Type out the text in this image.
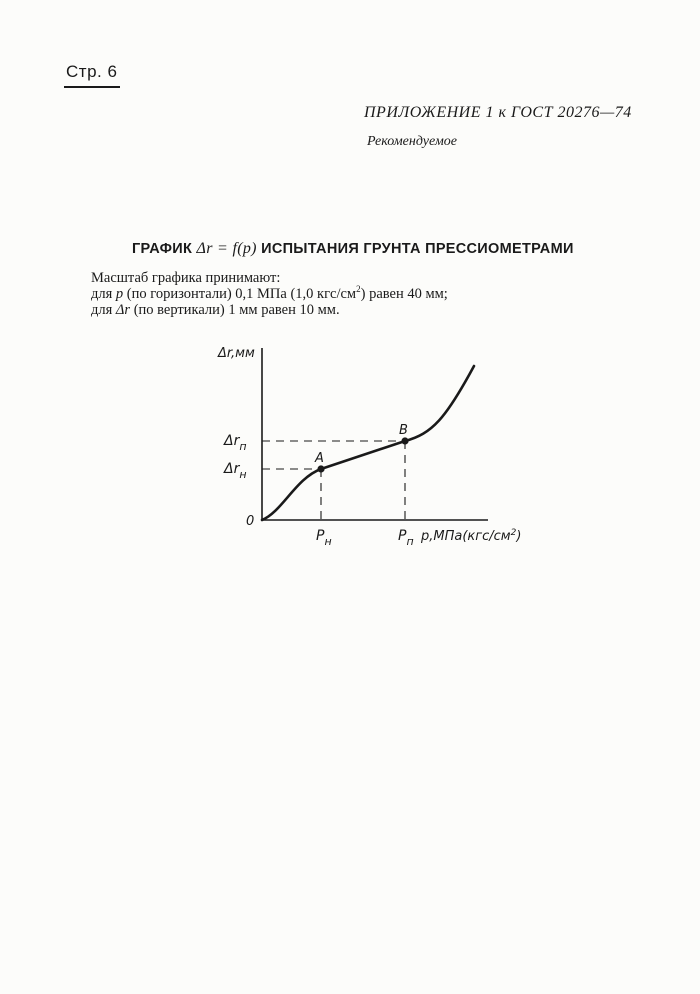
Стр. 6
ПРИЛОЖЕНИЕ 1 к ГОСТ 20276—74
Рекомендуемое
ГРАФИК Δr = f(p) ИСПЫТАНИЯ ГРУНТА ПРЕССИОМЕТРАМИ
Масштаб графика принимают:
для p (по горизонтали) 0,1 МПа (1,0 кгс/$см^2$) равен 40 мм;
для Δr (по вертикали) 1 мм равен 10 мм.
A
B
Δr,мм
$\Delta r_п$
$\Delta r_н$
0
$P_н$	$P_п$ $p,МПа(кгс/см^2)$
